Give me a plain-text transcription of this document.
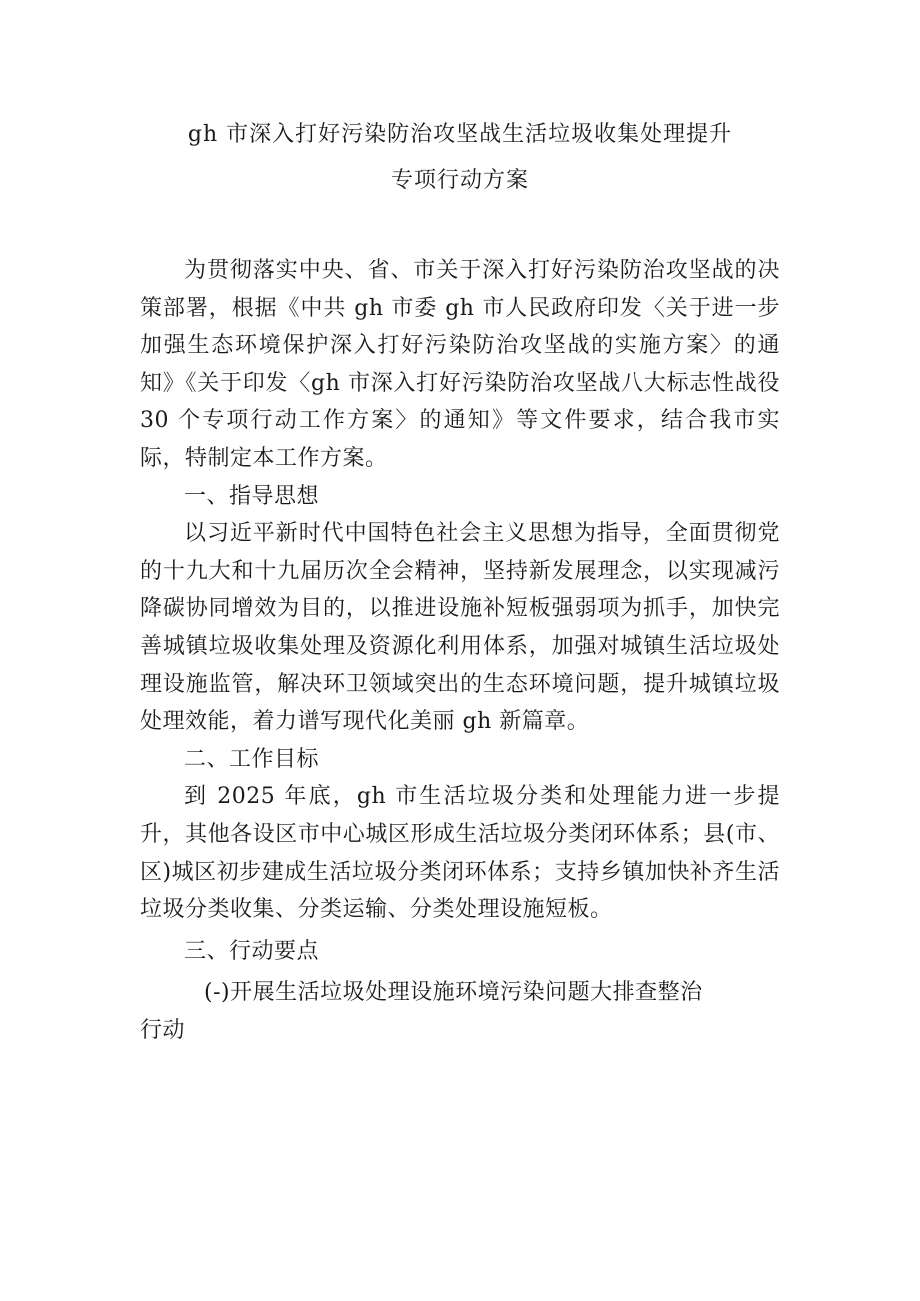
gh 市深入打好污染防治攻坚战生活垃圾收集处理提升
专项行动方案

为贯彻落实中央、省、市关于深入打好污染防治攻坚战的决策部署，根据《中共 gh 市委 gh 市人民政府印发〈关于进一步加强生态环境保护深入打好污染防治攻坚战的实施方案〉的通知》《关于印发〈gh 市深入打好污染防治攻坚战八大标志性战役 30 个专项行动工作方案〉的通知》等文件要求，结合我市实际，特制定本工作方案。

一、指导思想

以习近平新时代中国特色社会主义思想为指导，全面贯彻党的十九大和十九届历次全会精神，坚持新发展理念，以实现减污降碳协同增效为目的，以推进设施补短板强弱项为抓手，加快完善城镇垃圾收集处理及资源化利用体系，加强对城镇生活垃圾处理设施监管，解决环卫领域突出的生态环境问题，提升城镇垃圾处理效能，着力谱写现代化美丽 gh 新篇章。

二、工作目标

到 2025 年底，gh 市生活垃圾分类和处理能力进一步提升，其他各设区市中心城区形成生活垃圾分类闭环体系；县(市、区)城区初步建成生活垃圾分类闭环体系；支持乡镇加快补齐生活垃圾分类收集、分类运输、分类处理设施短板。

三、行动要点

(-)开展生活垃圾处理设施环境污染问题大排查整治

行动
